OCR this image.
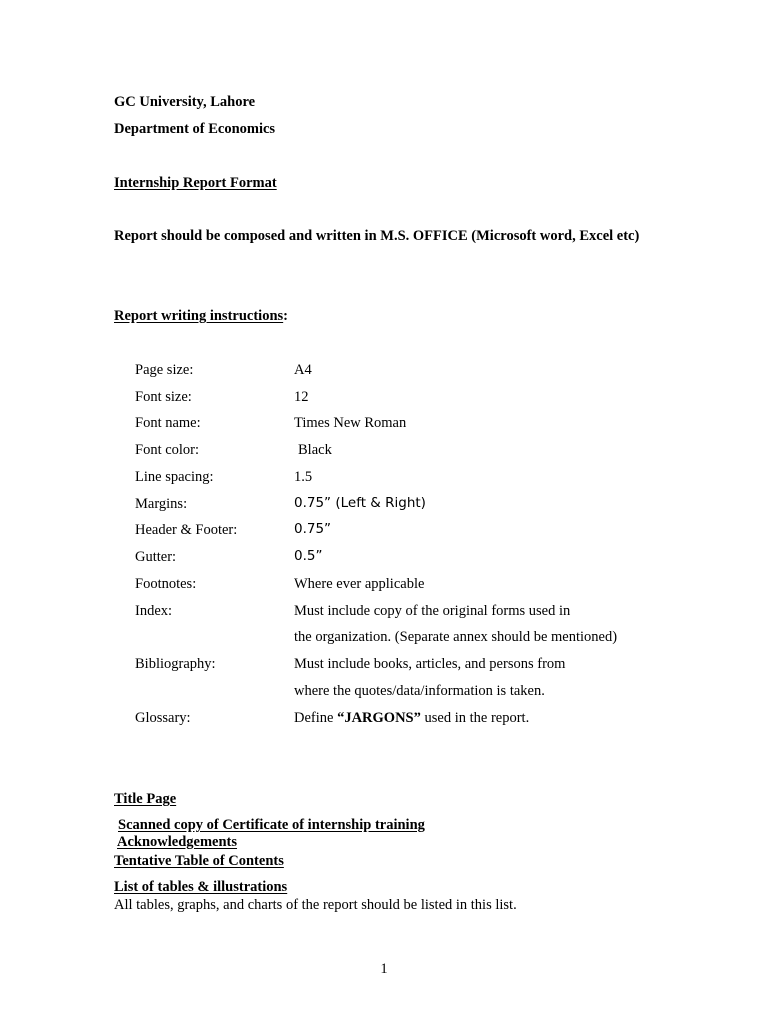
GC University, Lahore
Department of Economics
Internship Report Format
Report should be composed and written in M.S. OFFICE (Microsoft word, Excel etc)
Report writing instructions:
Page size:	A4
Font size:	12
Font name:	Times New Roman
Font color:	Black
Line spacing:	1.5
Margins:	0.75” (Left & Right)
Header & Footer:	0.75”
Gutter:	0.5”
Footnotes:	Where ever applicable
Index:	Must include copy of the original forms used in
the organization. (Separate annex should be mentioned)
Bibliography:	Must include books, articles, and persons from
where the quotes/data/information is taken.
Glossary:	Define “JARGONS” used in the report.
Title Page
Scanned copy of Certificate of internship training
Acknowledgements
Tentative Table of Contents
List of tables & illustrations
All tables, graphs, and charts of the report should be listed in this list.
1
